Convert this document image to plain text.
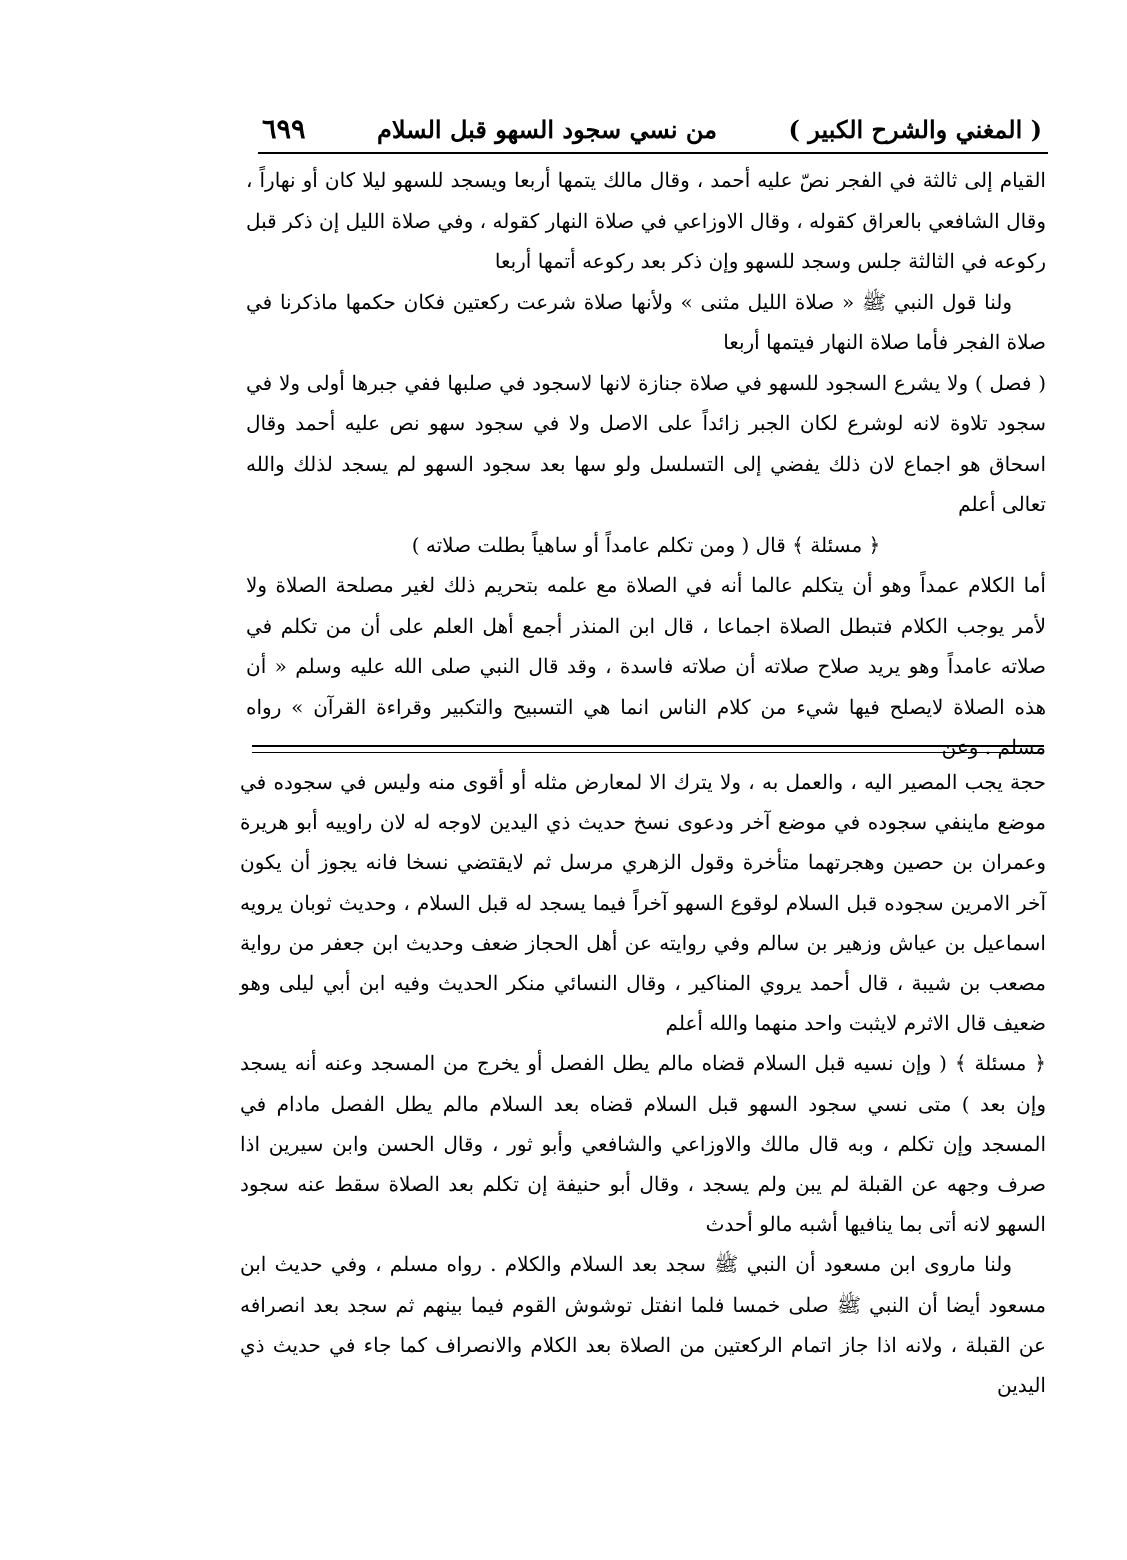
( المغني والشرح الكبير )
من نسي سجود السهو قبل السلام
٦٩٩

القيام إلى ثالثة في الفجر نصّ عليه أحمد ، وقال مالك يتمها أربعا ويسجد للسهو ليلا كان أو نهاراً ، وقال الشافعي بالعراق كقوله ، وقال الاوزاعي في صلاة النهار كقوله ، وفي صلاة الليل إن ذكر قبل ركوعه في الثالثة جلس وسجد للسهو وإن ذكر بعد ركوعه أتمها أربعا

ولنا قول النبي ﷺ « صلاة الليل مثنى » ولأنها صلاة شرعت ركعتين فكان حكمها ماذكرنا في صلاة الفجر فأما صلاة النهار فيتمها أربعا

( فصل ) ولا يشرع السجود للسهو في صلاة جنازة لانها لاسجود في صلبها ففي جبرها أولى ولا في سجود تلاوة لانه لوشرع لكان الجبر زائداً على الاصل ولا في سجود سهو نص عليه أحمد وقال اسحاق هو اجماع لان ذلك يفضي إلى التسلسل ولو سها بعد سجود السهو لم يسجد لذلك والله تعالى أعلم

﴿ مسئلة ﴾ قال ( ومن تكلم عامداً أو ساهياً بطلت صلاته )

أما الكلام عمداً وهو أن يتكلم عالما أنه في الصلاة مع علمه بتحريم ذلك لغير مصلحة الصلاة ولا لأمر يوجب الكلام فتبطل الصلاة اجماعا ، قال ابن المنذر أجمع أهل العلم على أن من تكلم في صلاته عامداً وهو يريد صلاح صلاته أن صلاته فاسدة ، وقد قال النبي صلى الله عليه وسلم « أن هذه الصلاة لايصلح فيها شيء من كلام الناس انما هي التسبيح والتكبير وقراءة القرآن » رواه مسلم . وعن

حجة يجب المصير اليه ، والعمل به ، ولا يترك الا لمعارض مثله أو أقوى منه وليس في سجوده في موضع ماينفي سجوده في موضع آخر ودعوى نسخ حديث ذي اليدين لاوجه له لان راوييه أبو هريرة وعمران بن حصين وهجرتهما متأخرة وقول الزهري مرسل ثم لايقتضي نسخا فانه يجوز أن يكون آخر الامرين سجوده قبل السلام لوقوع السهو آخراً فيما يسجد له قبل السلام ، وحديث ثوبان يرويه اسماعيل بن عياش وزهير بن سالم وفي روايته عن أهل الحجاز ضعف وحديث ابن جعفر من رواية مصعب بن شيبة ، قال أحمد يروي المناكير ، وقال النسائي منكر الحديث وفيه ابن أبي ليلى وهو ضعيف قال الاثرم لايثبت واحد منهما والله أعلم

﴿ مسئلة ﴾ ( وإن نسيه قبل السلام قضاه مالم يطل الفصل أو يخرج من المسجد وعنه أنه يسجد وإن بعد ) متى نسي سجود السهو قبل السلام قضاه بعد السلام مالم يطل الفصل مادام في المسجد وإن تكلم ، وبه قال مالك والاوزاعي والشافعي وأبو ثور ، وقال الحسن وابن سيرين اذا صرف وجهه عن القبلة لم يبن ولم يسجد ، وقال أبو حنيفة إن تكلم بعد الصلاة سقط عنه سجود السهو لانه أتى بما ينافيها أشبه مالو أحدث

ولنا ماروى ابن مسعود أن النبي ﷺ سجد بعد السلام والكلام . رواه مسلم ، وفي حديث ابن مسعود أيضا أن النبي ﷺ صلى خمسا فلما انفتل توشوش القوم فيما بينهم ثم سجد بعد انصرافه عن القبلة ، ولانه اذا جاز اتمام الركعتين من الصلاة بعد الكلام والانصراف كما جاء في حديث ذي اليدين
